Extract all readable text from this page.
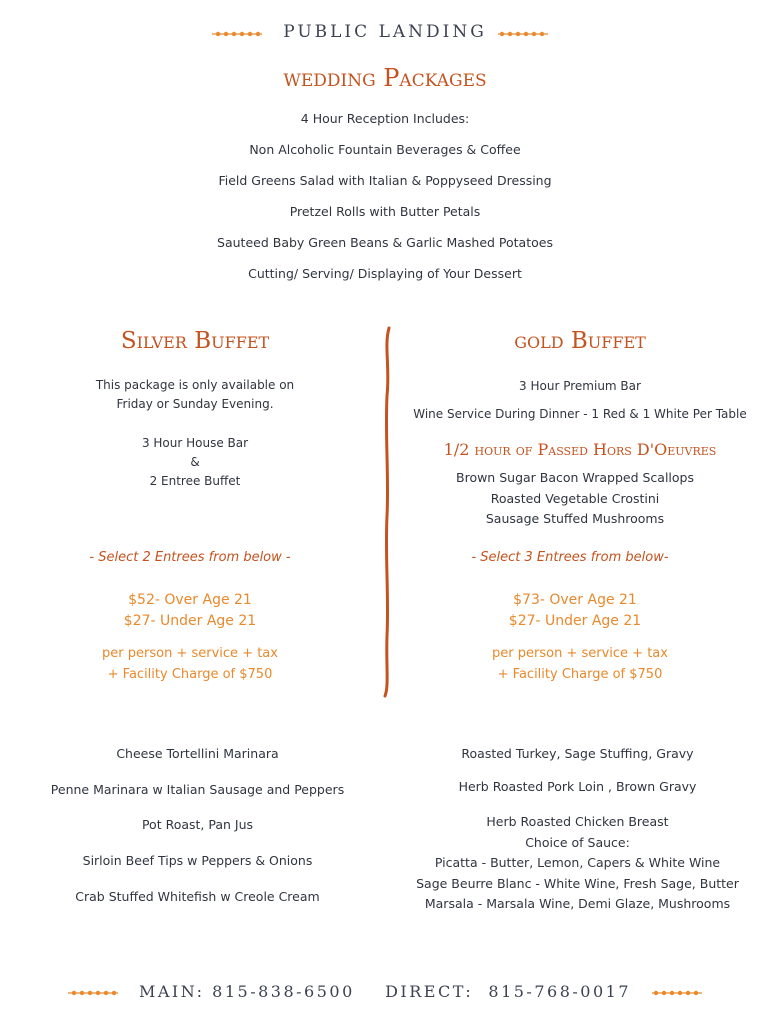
PUBLIC LANDING
wedding Packages
4 Hour Reception Includes:
Non Alcoholic Fountain Beverages & Coffee
Field Greens Salad with Italian & Poppyseed Dressing
Pretzel Rolls with Butter Petals
Sauteed Baby Green Beans & Garlic Mashed Potatoes
Cutting/ Serving/ Displaying of Your Dessert
Silver Buffet
This package is only available on
Friday or Sunday Evening.
3 Hour House Bar
&
2 Entree Buffet
- Select 2 Entrees from below -
$52- Over Age 21
$27- Under Age 21
per person + service + tax
+ Facility Charge of $750
gold Buffet
3 Hour Premium Bar
Wine Service During Dinner - 1 Red & 1 White Per Table
1/2 hour of Passed Hors D'Oeuvres
Brown Sugar Bacon Wrapped Scallops
Roasted Vegetable Crostini
Sausage Stuffed Mushrooms
- Select 3 Entrees from below-
$73- Over Age 21
$27- Under Age 21
per person + service + tax
+ Facility Charge of $750
Cheese Tortellini Marinara
Penne Marinara w Italian Sausage and Peppers
Pot Roast, Pan Jus
Sirloin Beef Tips w Peppers & Onions
Crab Stuffed Whitefish w Creole Cream
Roasted Turkey, Sage Stuffing, Gravy
Herb Roasted Pork Loin , Brown Gravy
Herb Roasted Chicken Breast
Choice of Sauce:
Picatta - Butter, Lemon, Capers & White Wine
Sage Beurre Blanc - White Wine, Fresh Sage, Butter
Marsala - Marsala Wine, Demi Glaze, Mushrooms
MAIN: 815-838-6500    DIRECT:  815-768-0017
